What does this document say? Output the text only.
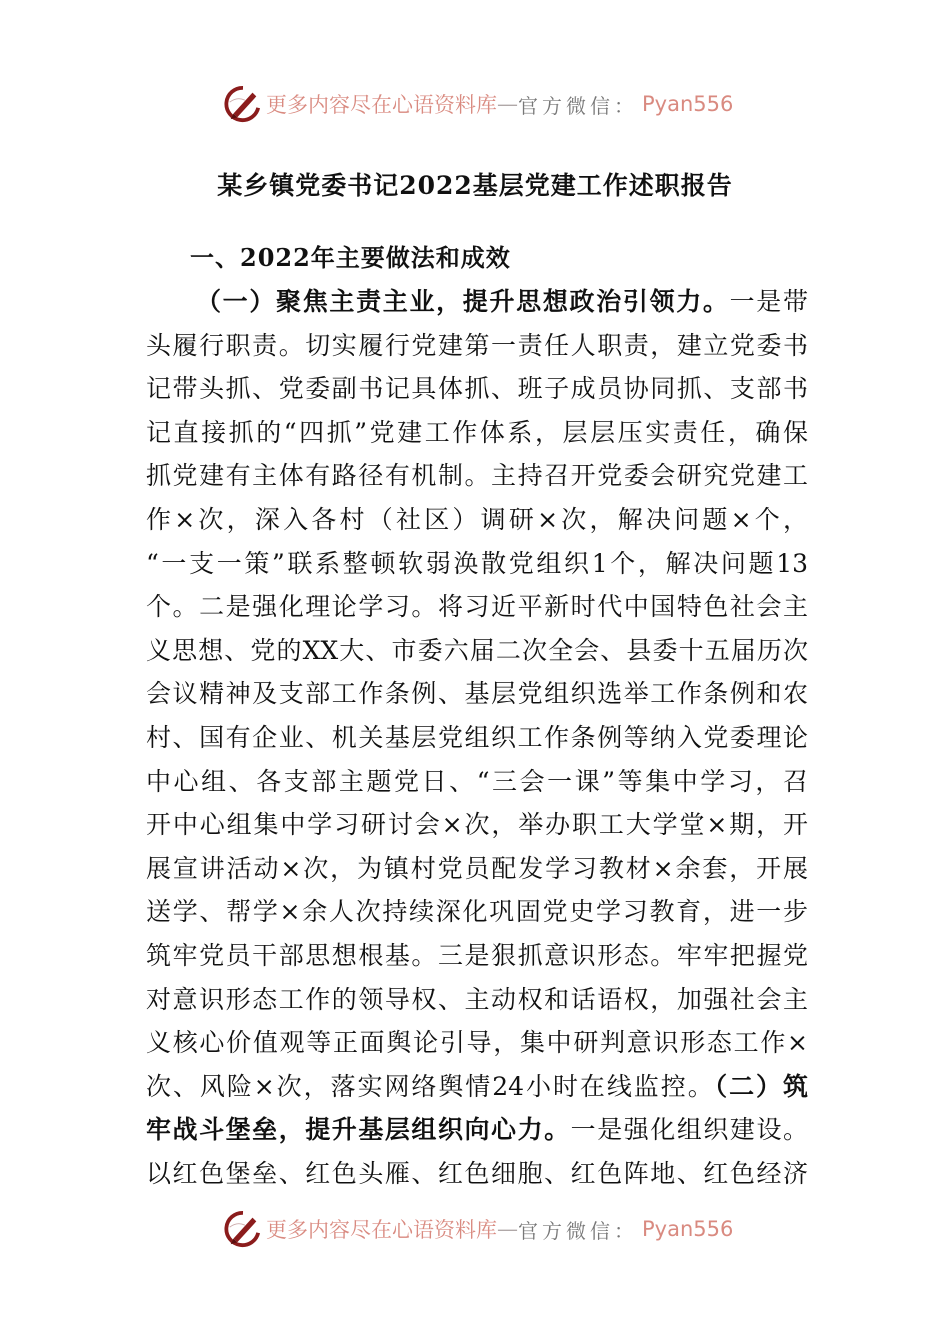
更多内容尽在心语资料库 — 官方微信： Pyan556
某乡镇党委书记2022基层党建工作述职报告
一、2022年主要做法和成效
（一）聚焦主责主业，提升思想政治引领力。一是带
头履行职责。切实履行党建第一责任人职责，建立党委书
记带头抓、党委副书记具体抓、班子成员协同抓、支部书
记直接抓的“四抓”党建工作体系，层层压实责任，确保
抓党建有主体有路径有机制。主持召开党委会研究党建工
作×次，深入各村（社区）调研×次，解决问题×个，
“一支一策”联系整顿软弱涣散党组织1个，解决问题13
个。二是强化理论学习。将习近平新时代中国特色社会主
义思想、党的XX大、市委六届二次全会、县委十五届历次
会议精神及支部工作条例、基层党组织选举工作条例和农
村、国有企业、机关基层党组织工作条例等纳入党委理论
中心组、各支部主题党日、“三会一课”等集中学习，召
开中心组集中学习研讨会×次，举办职工大学堂×期，开
展宣讲活动×次，为镇村党员配发学习教材×余套，开展
送学、帮学×余人次持续深化巩固党史学习教育，进一步
筑牢党员干部思想根基。三是狠抓意识形态。牢牢把握党
对意识形态工作的领导权、主动权和话语权，加强社会主
义核心价值观等正面舆论引导，集中研判意识形态工作×
次、风险×次，落实网络舆情24小时在线监控。（二）筑
牢战斗堡垒，提升基层组织向心力。一是强化组织建设。
以红色堡垒、红色头雁、红色细胞、红色阵地、红色经济
更多内容尽在心语资料库 — 官方微信： Pyan556
